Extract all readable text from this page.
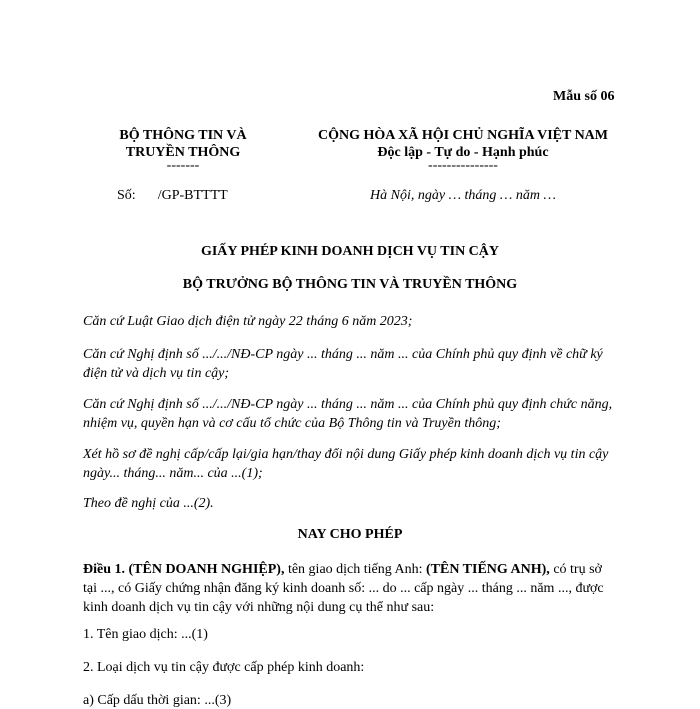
Mẫu số 06
BỘ THÔNG TIN VÀ
TRUYỀN THÔNG
-------
CỘNG HÒA XÃ HỘI CHỦ NGHĨA VIỆT NAM
Độc lập - Tự do - Hạnh phúc
---------------
Số: /GP-BTTTT	Hà Nội, ngày … tháng … năm …
GIẤY PHÉP KINH DOANH DỊCH VỤ TIN CẬY
BỘ TRƯỞNG BỘ THÔNG TIN VÀ TRUYỀN THÔNG
Căn cứ Luật Giao dịch điện tử ngày 22 tháng 6 năm 2023;
Căn cứ Nghị định số .../.../NĐ-CP ngày ... tháng ... năm ... của Chính phủ quy định về chữ ký điện tử và dịch vụ tin cậy;
Căn cứ Nghị định số .../.../NĐ-CP ngày ... tháng ... năm ... của Chính phủ quy định chức năng, nhiệm vụ, quyền hạn và cơ cấu tổ chức của Bộ Thông tin và Truyền thông;
Xét hồ sơ đề nghị cấp/cấp lại/gia hạn/thay đổi nội dung Giấy phép kinh doanh dịch vụ tin cậy ngày... tháng... năm... của ...(1);
Theo đề nghị của ...(2).
NAY CHO PHÉP
Điều 1. (TÊN DOANH NGHIỆP), tên giao dịch tiếng Anh: (TÊN TIẾNG ANH), có trụ sở tại ..., có Giấy chứng nhận đăng ký kinh doanh số: ... do ... cấp ngày ... tháng ... năm ..., được kinh doanh dịch vụ tin cậy với những nội dung cụ thể như sau:
1. Tên giao dịch: ...(1)
2. Loại dịch vụ tin cậy được cấp phép kinh doanh:
a) Cấp dấu thời gian: ...(3)
